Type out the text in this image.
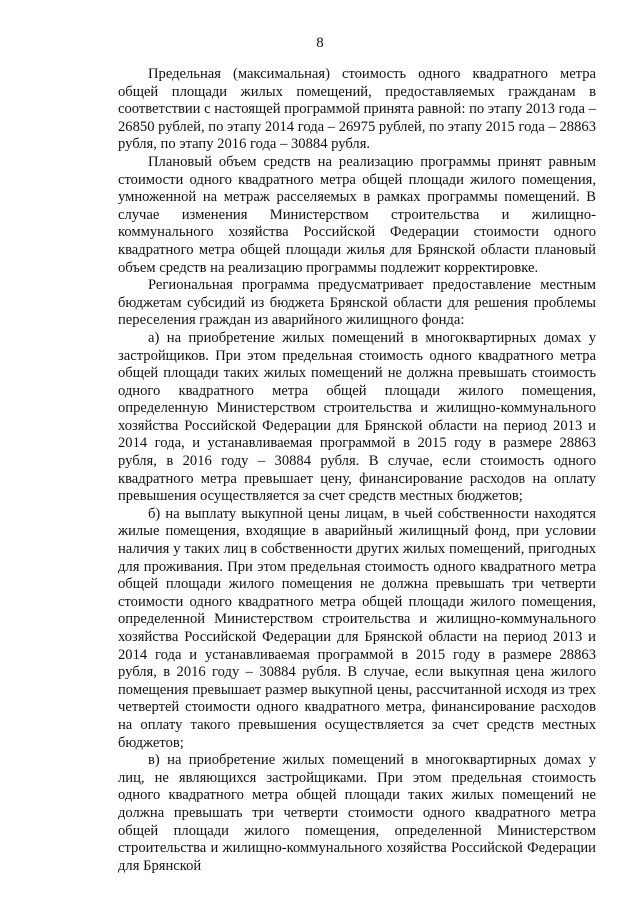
8

Предельная (максимальная) стоимость одного квадратного метра общей площади жилых помещений, предоставляемых гражданам в соответствии с настоящей программой принята равной: по этапу 2013 года – 26850 рублей, по этапу 2014 года – 26975 рублей, по этапу 2015 года – 28863 рубля, по этапу 2016 года – 30884 рубля.

Плановый объем средств на реализацию программы принят равным стоимости одного квадратного метра общей площади жилого помещения, умноженной на метраж расселяемых в рамках программы помещений. В случае изменения Министерством строительства и жилищно-коммунального хозяйства Российской Федерации стоимости одного квадратного метра общей площади жилья для Брянской области плановый объем средств на реализацию программы подлежит корректировке.

Региональная программа предусматривает предоставление местным бюджетам субсидий из бюджета Брянской области для решения проблемы переселения граждан из аварийного жилищного фонда:

а) на приобретение жилых помещений в многоквартирных домах у застройщиков. При этом предельная стоимость одного квадратного метра общей площади таких жилых помещений не должна превышать стоимость одного квадратного метра общей площади жилого помещения, определенную Министерством строительства и жилищно-коммунального хозяйства Российской Федерации для Брянской области на период 2013 и 2014 года, и устанавливаемая программой в 2015 году в размере 28863 рубля, в 2016 году – 30884 рубля. В случае, если стоимость одного квадратного метра превышает цену, финансирование расходов на оплату превышения осуществляется за счет средств местных бюджетов;

б) на выплату выкупной цены лицам, в чьей собственности находятся жилые помещения, входящие в аварийный жилищный фонд, при условии наличия у таких лиц в собственности других жилых помещений, пригодных для проживания. При этом предельная стоимость одного квадратного метра общей площади жилого помещения не должна превышать три четверти стоимости одного квадратного метра общей площади жилого помещения, определенной Министерством строительства и жилищно-коммунального хозяйства Российской Федерации для Брянской области на период 2013 и 2014 года и устанавливаемая программой в 2015 году в размере 28863 рубля, в 2016 году – 30884 рубля. В случае, если выкупная цена жилого помещения превышает размер выкупной цены, рассчитанной исходя из трех четвертей стоимости одного квадратного метра, финансирование расходов на оплату такого превышения осуществляется за счет средств местных бюджетов;

в) на приобретение жилых помещений в многоквартирных домах у лиц, не являющихся застройщиками. При этом предельная стоимость одного квадратного метра общей площади таких жилых помещений не должна превышать три четверти стоимости одного квадратного метра общей площади жилого помещения, определенной Министерством строительства и жилищно-коммунального хозяйства Российской Федерации для Брянской
